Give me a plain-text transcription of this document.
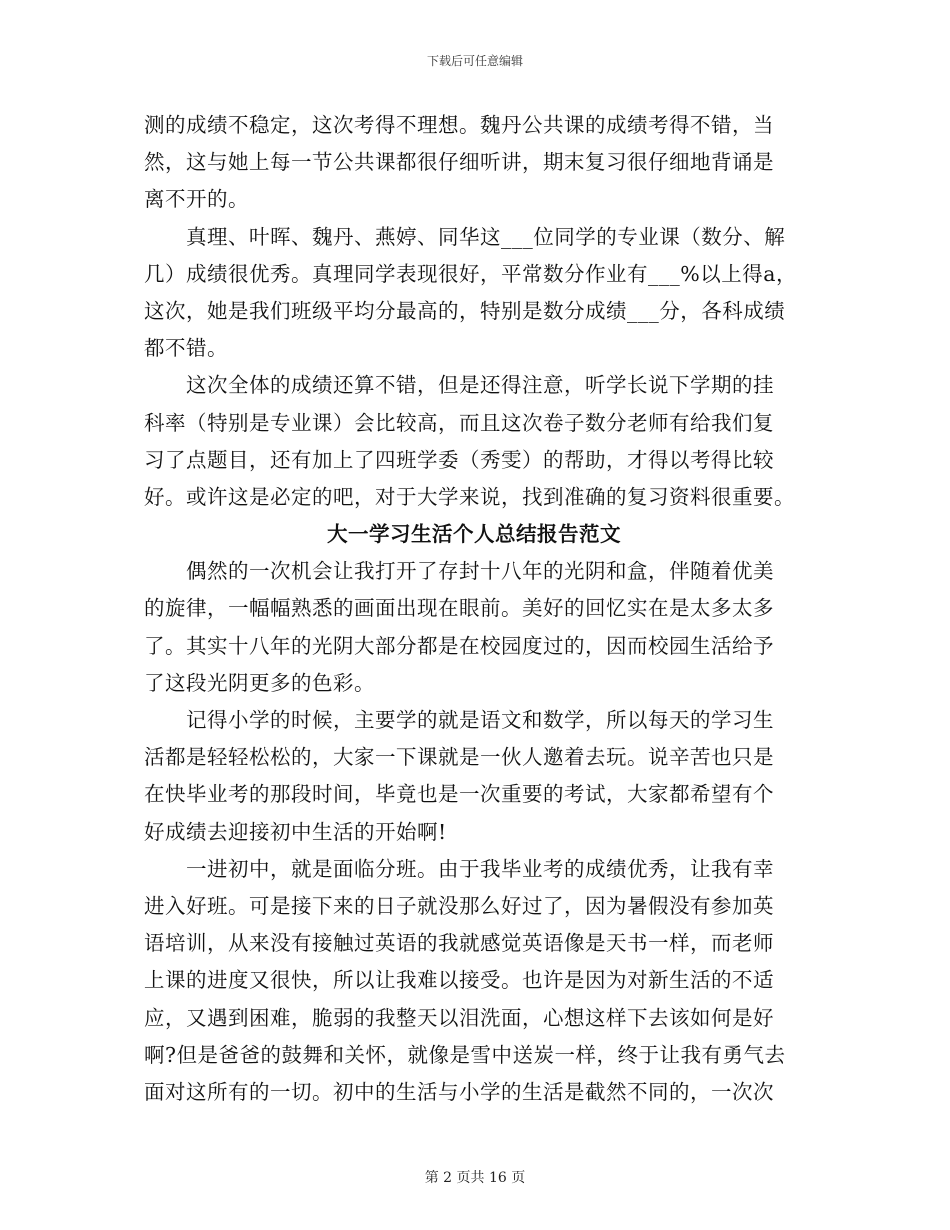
下载后可任意编辑
测的成绩不稳定，这次考得不理想。魏丹公共课的成绩考得不错，当
然，这与她上每一节公共课都很仔细听讲，期末复习很仔细地背诵是
离不开的。
　　真理、叶晖、魏丹、燕婷、同华这___位同学的专业课（数分、解
几）成绩很优秀。真理同学表现很好，平常数分作业有___%以上得a，
这次，她是我们班级平均分最高的，特别是数分成绩___分，各科成绩
都不错。
　　这次全体的成绩还算不错，但是还得注意，听学长说下学期的挂
科率（特别是专业课）会比较高，而且这次卷子数分老师有给我们复
习了点题目，还有加上了四班学委（秀雯）的帮助，才得以考得比较
好。或许这是必定的吧，对于大学来说，找到准确的复习资料很重要。
大一学习生活个人总结报告范文
　　偶然的一次机会让我打开了存封十八年的光阴和盒，伴随着优美
的旋律，一幅幅熟悉的画面出现在眼前。美好的回忆实在是太多太多
了。其实十八年的光阴大部分都是在校园度过的，因而校园生活给予
了这段光阴更多的色彩。
　　记得小学的时候，主要学的就是语文和数学，所以每天的学习生
活都是轻轻松松的，大家一下课就是一伙人邀着去玩。说辛苦也只是
在快毕业考的那段时间，毕竟也是一次重要的考试，大家都希望有个
好成绩去迎接初中生活的开始啊!
　　一进初中，就是面临分班。由于我毕业考的成绩优秀，让我有幸
进入好班。可是接下来的日子就没那么好过了，因为暑假没有参加英
语培训，从来没有接触过英语的我就感觉英语像是天书一样，而老师
上课的进度又很快，所以让我难以接受。也许是因为对新生活的不适
应，又遇到困难，脆弱的我整天以泪洗面，心想这样下去该如何是好
啊?但是爸爸的鼓舞和关怀，就像是雪中送炭一样，终于让我有勇气去
面对这所有的一切。初中的生活与小学的生活是截然不同的，一次次
第 2 页共 16 页
